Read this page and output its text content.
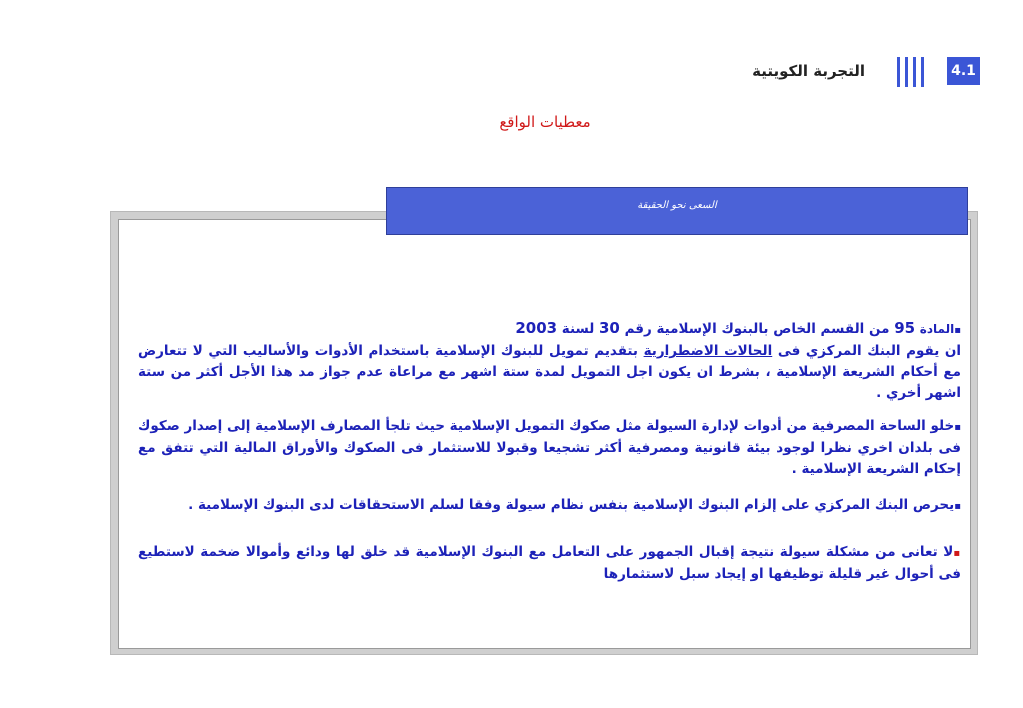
4.1
التجربة الكويتية
معطيات الواقع
السعى نحو الحقيقة

▪المادة 95 من القسم الخاص بالبنوك الإسلامية رقم 30 لسنة 2003
ان يقوم البنك المركزي فى الحالات الاضطرارية بتقديم تمويل للبنوك الإسلامية باستخدام الأدوات والأساليب التي لا تتعارض مع أحكام الشريعة الإسلامية ، بشرط ان يكون اجل التمويل لمدة ستة اشهر مع مراعاة عدم جواز مد هذا الأجل أكثر من ستة اشهر أخري .

▪خلو الساحة المصرفية من أدوات لإدارة السيولة مثل صكوك التمويل الإسلامية حيث تلجأ المصارف الإسلامية إلى إصدار صكوك فى بلدان اخري نظرا لوجود بيئة قانونية ومصرفية أكثر تشجيعا وقبولا للاستثمار فى الصكوك والأوراق المالية التي تتفق مع إحكام الشريعة الإسلامية .

▪يحرص البنك المركزي على إلزام البنوك الإسلامية بنفس نظام سيولة وفقا لسلم الاستحقاقات لدى البنوك الإسلامية .

▪لا تعانى من مشكلة سيولة نتيجة إقبال الجمهور على التعامل مع البنوك الإسلامية قد خلق لها ودائع وأموالا ضخمة لاستطيع فى أحوال غير قليلة توظيفها او إيجاد سبل لاستثمارها
